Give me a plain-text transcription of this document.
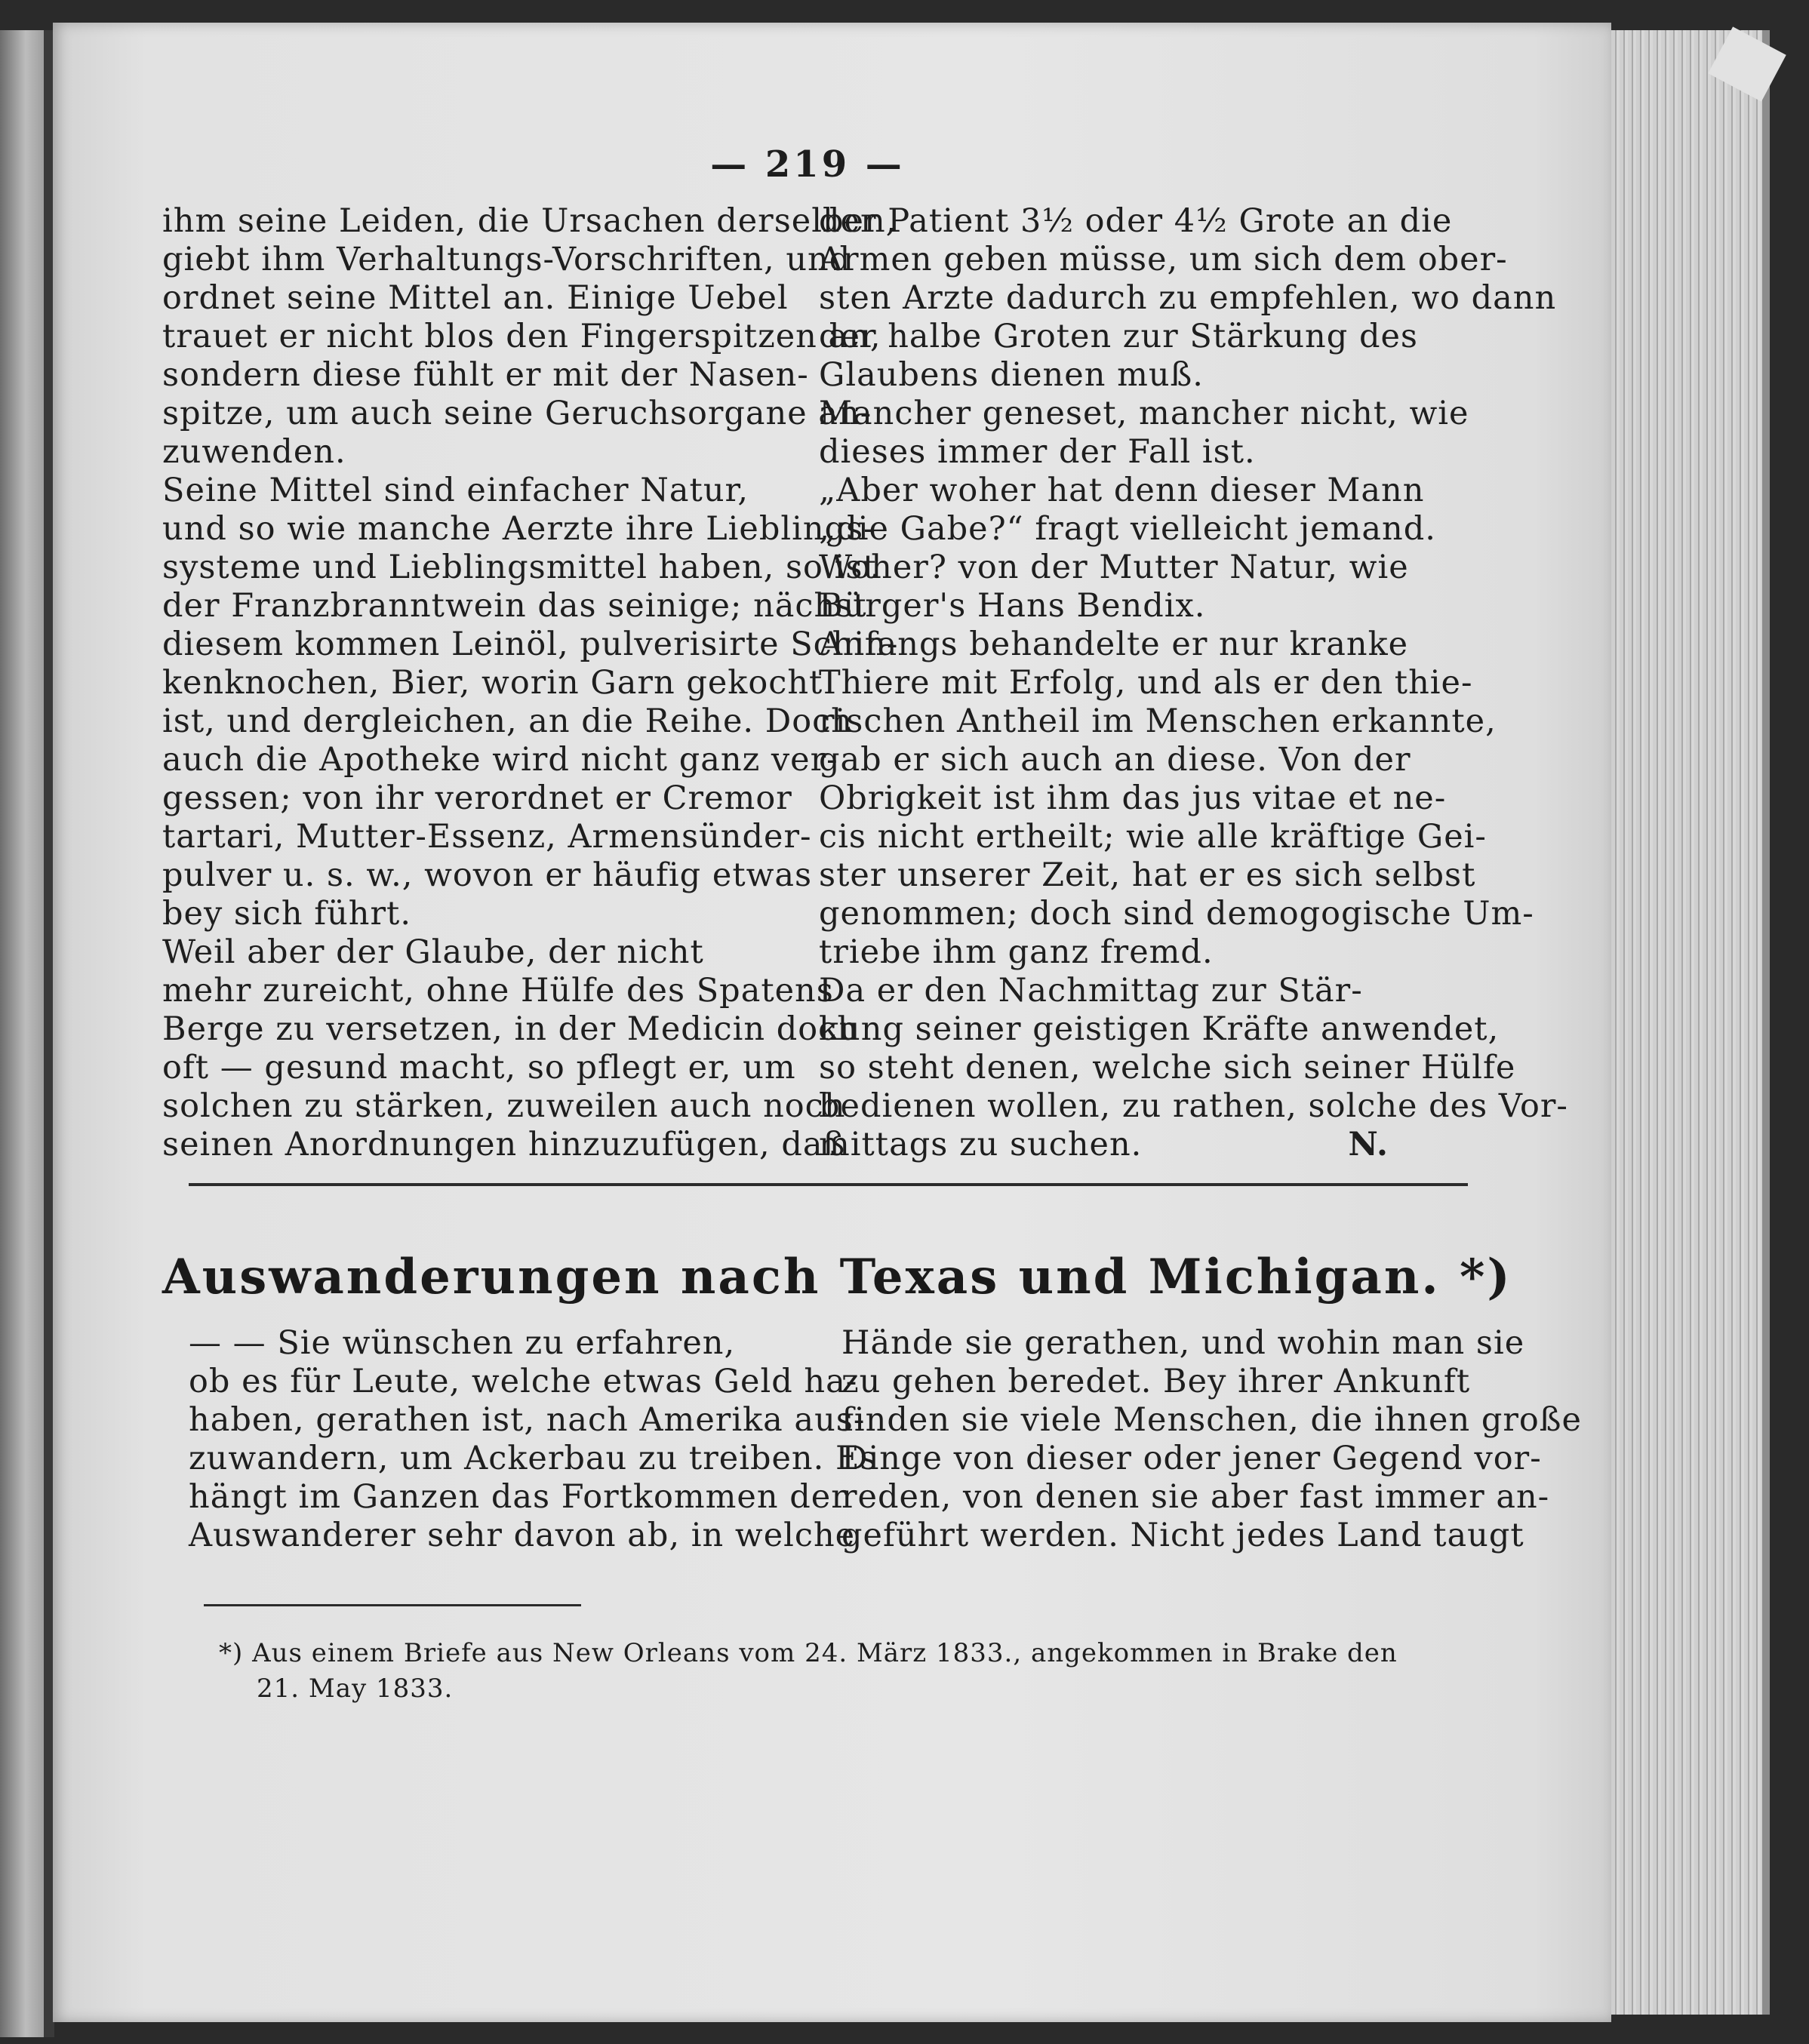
— 219 —
ihm seine Leiden, die Ursachen derselben,
giebt ihm Verhaltungs-Vorschriften, und
ordnet seine Mittel an. Einige Uebel
trauet er nicht blos den Fingerspitzen an,
sondern diese fühlt er mit der Nasen-
spitze, um auch seine Geruchsorgane an-
zuwenden.
Seine Mittel sind einfacher Natur,
und so wie manche Aerzte ihre Lieblings-
systeme und Lieblingsmittel haben, so ist
der Franzbranntwein das seinige; nächst
diesem kommen Leinöl, pulverisirte Schin-
kenknochen, Bier, worin Garn gekocht
ist, und dergleichen, an die Reihe. Doch
auch die Apotheke wird nicht ganz ver-
gessen; von ihr verordnet er Cremor
tartari, Mutter-Essenz, Armensünder-
pulver u. s. w., wovon er häufig etwas
bey sich führt.
Weil aber der Glaube, der nicht
mehr zureicht, ohne Hülfe des Spatens
Berge zu versetzen, in der Medicin doch
oft — gesund macht, so pflegt er, um
solchen zu stärken, zuweilen auch noch
seinen Anordnungen hinzuzufügen, daß
der Patient 3½ oder 4½ Grote an die
Armen geben müsse, um sich dem ober-
sten Arzte dadurch zu empfehlen, wo dann
der halbe Groten zur Stärkung des
Glaubens dienen muß.
Mancher geneset, mancher nicht, wie
dieses immer der Fall ist.
„Aber woher hat denn dieser Mann
„die Gabe?“ fragt vielleicht jemand.
Woher? von der Mutter Natur, wie
Bürger's Hans Bendix.
Anfangs behandelte er nur kranke
Thiere mit Erfolg, und als er den thie-
rischen Antheil im Menschen erkannte,
gab er sich auch an diese. Von der
Obrigkeit ist ihm das jus vitae et ne-
cis nicht ertheilt; wie alle kräftige Gei-
ster unserer Zeit, hat er es sich selbst
genommen; doch sind demogogische Um-
triebe ihm ganz fremd.
Da er den Nachmittag zur Stär-
kung seiner geistigen Kräfte anwendet,
so steht denen, welche sich seiner Hülfe
bedienen wollen, zu rathen, solche des Vor-
mittags zu suchen.	N.
Auswanderungen nach Texas und Michigan. *)
— — Sie wünschen zu erfahren,
ob es für Leute, welche etwas Geld ha-
haben, gerathen ist, nach Amerika aus-
zuwandern, um Ackerbau zu treiben. Es
hängt im Ganzen das Fortkommen der
Auswanderer sehr davon ab, in welche
Hände sie gerathen, und wohin man sie
zu gehen beredet. Bey ihrer Ankunft
finden sie viele Menschen, die ihnen große
Dinge von dieser oder jener Gegend vor-
reden, von denen sie aber fast immer an-
geführt werden. Nicht jedes Land taugt
*) Aus einem Briefe aus New Orleans vom 24. März 1833., angekommen in Brake den
21. May 1833.
